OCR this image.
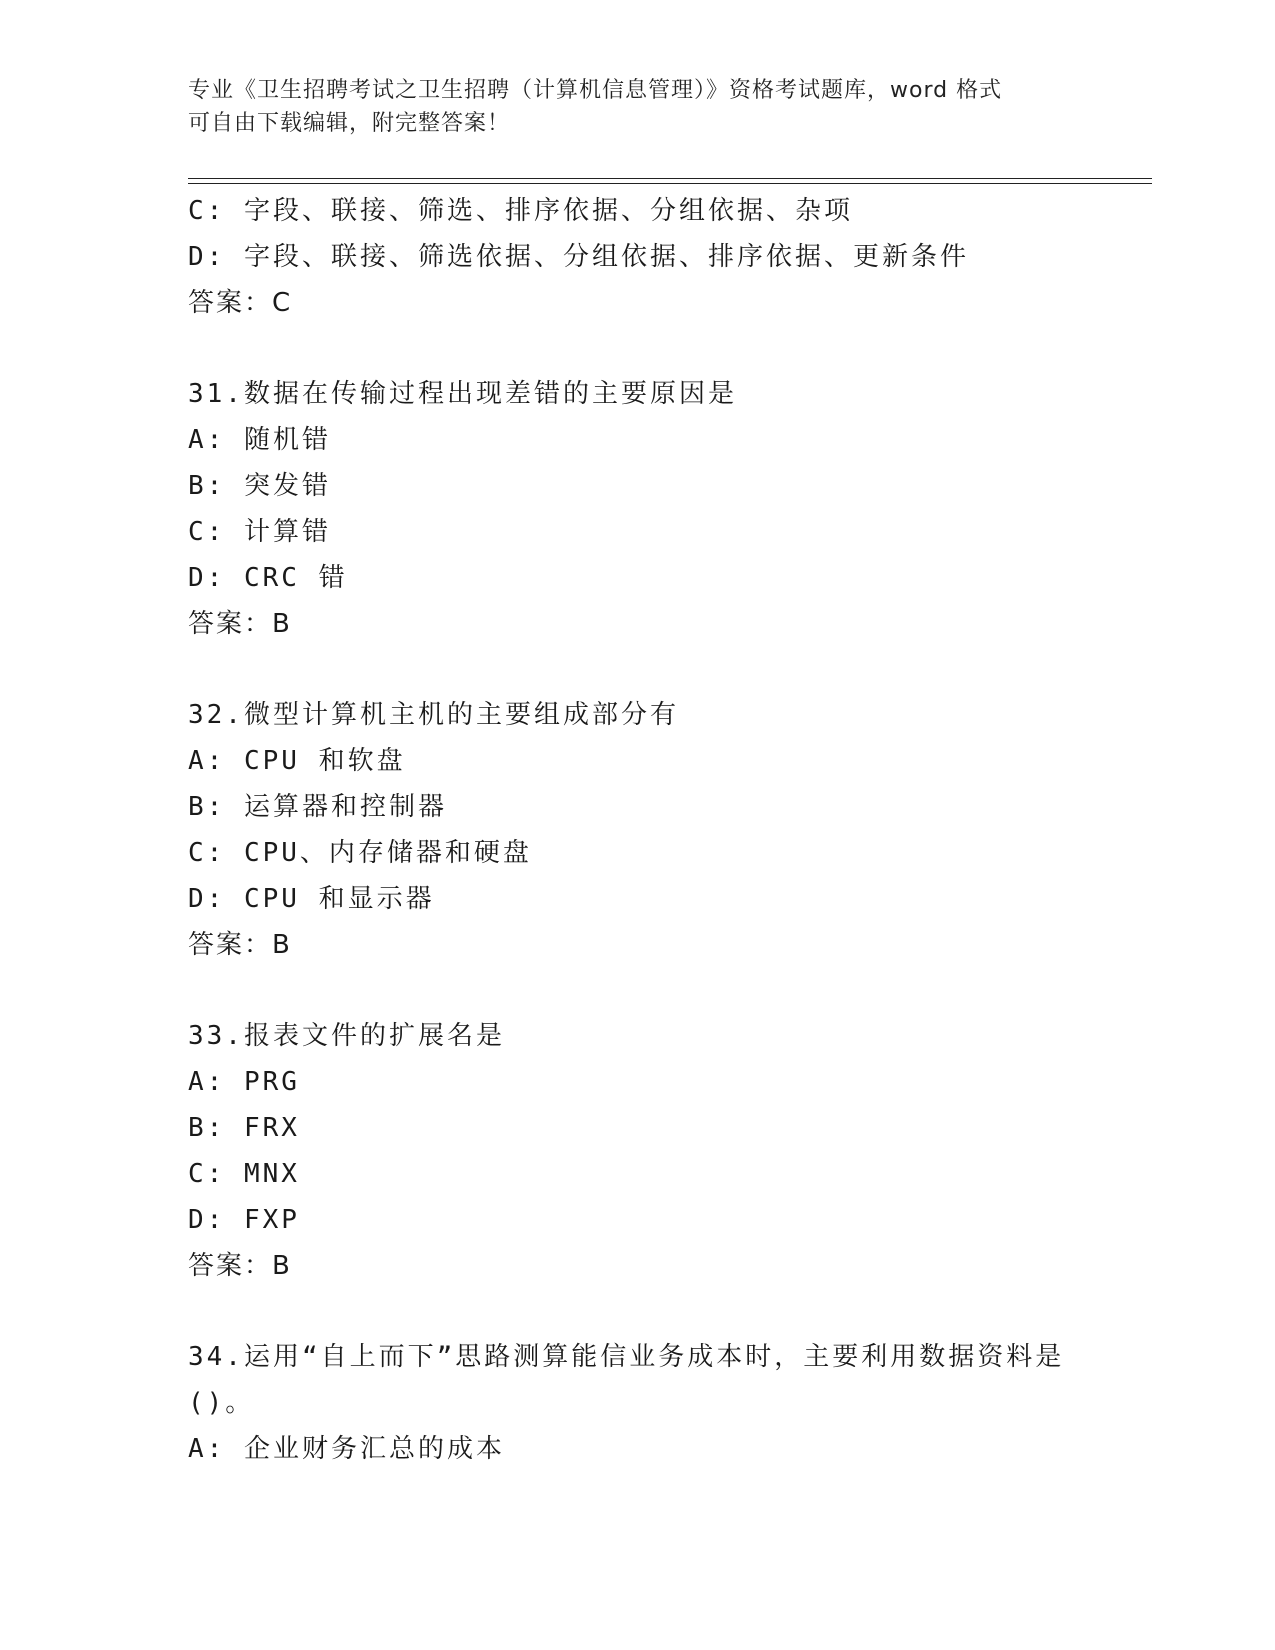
专业《卫生招聘考试之卫生招聘（计算机信息管理）》资格考试题库，word 格式
可自由下载编辑，附完整答案！
C: 字段、联接、筛选、排序依据、分组依据、杂项
D: 字段、联接、筛选依据、分组依据、排序依据、更新条件
答案：C
31.数据在传输过程出现差错的主要原因是
A: 随机错
B: 突发错
C: 计算错
D: CRC 错
答案：B
32.微型计算机主机的主要组成部分有
A: CPU 和软盘
B: 运算器和控制器
C: CPU、内存储器和硬盘
D: CPU 和显示器
答案：B
33.报表文件的扩展名是
A: PRG
B: FRX
C: MNX
D: FXP
答案：B
34.运用“自上而下”思路测算能信业务成本时，主要利用数据资料是
()。
A: 企业财务汇总的成本
